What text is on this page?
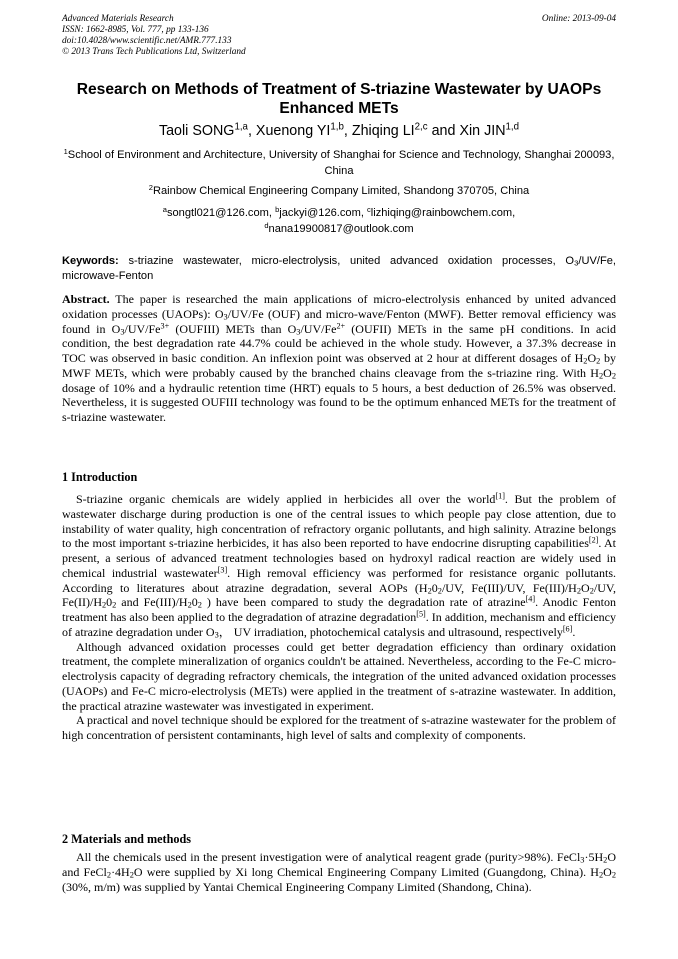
Advanced Materials Research
ISSN: 1662-8985, Vol. 777, pp 133-136
doi:10.4028/www.scientific.net/AMR.777.133
© 2013 Trans Tech Publications Ltd, Switzerland
Online: 2013-09-04
Research on Methods of Treatment of S-triazine Wastewater by UAOPs Enhanced METs
Taoli SONG$^{1,a}$, Xuenong YI$^{1,b}$, Zhiqing LI$^{2,c}$ and Xin JIN$^{1,d}$
$^1$School of Environment and Architecture, University of Shanghai for Science and Technology, Shanghai 200093, China
$^2$Rainbow Chemical Engineering Company Limited, Shandong 370705, China
$^a$songtl021@126.com, $^b$jackyi@126.com, $^c$lizhiqing@rainbowchem.com,
$^d$nana19900817@outlook.com
Keywords: s-triazine wastewater, micro-electrolysis, united advanced oxidation processes, $O_3/UV/Fe$, microwave-Fenton
Abstract. The paper is researched the main applications of micro-electrolysis enhanced by united advanced oxidation processes (UAOPs): $O_3/UV/Fe$ (OUF) and micro-wave/Fenton (MWF). Better removal efficiency was found in $O_3/UV/Fe^{3+}$ (OUFIII) METs than $O_3/UV/Fe^{2+}$ (OUFII) METs in the same pH conditions. In acid condition, the best degradation rate 44.7% could be achieved in the whole study. However, a 37.3% decrease in TOC was observed in basic condition. An inflexion point was observed at 2 hour at different dosages of $H_2O_2$ by MWF METs, which were probably caused by the branched chains cleavage from the s-triazine ring. With $H_2O_2$ dosage of 10% and a hydraulic retention time (HRT) equals to 5 hours, a best deduction of 26.5% was observed. Nevertheless, it is suggested OUFIII technology was found to be the optimum enhanced METs for the treatment of s-triazine wastewater.
1 Introduction

S-triazine organic chemicals are widely applied in herbicides all over the world[1]. But the problem of wastewater discharge during production is one of the central issues to which people pay close attention, due to instability of water quality, high concentration of refractory organic pollutants, and high salinity. Atrazine belongs to the most important s-triazine herbicides, it has also been reported to have endocrine disrupting capabilities[2]. At present, a serious of advanced treatment technologies based on hydroxyl radical reaction are widely used in chemical industrial wastewater[3]. High removal efficiency was performed for resistance organic pollutants. According to literatures about atrazine degradation, several AOPs ($H_20_2/UV$, Fe(III)/UV, $Fe(III)/H_2O_2/UV$, $Fe(II)/H_20_2$ and $Fe(III)/H_20_2$ ) have been compared to study the degradation rate of atrazine[4]. Anodic Fenton treatment has also been applied to the degradation of atrazine degradation[5]. In addition, mechanism and efficiency of atrazine degradation under $O_3$， UV irradiation, photochemical catalysis and ultrasound, respectively[6].

Although advanced oxidation processes could get better degradation efficiency than ordinary oxidation treatment, the complete mineralization of organics couldn't be attained. Nevertheless, according to the Fe-C micro-electrolysis capacity of degrading refractory chemicals, the integration of the united advanced oxidation processes (UAOPs) and Fe-C micro-electrolysis (METs) were applied in the treatment of s-atrazine wastewater. In addition, the practical atrazine wastewater was investigated in experiment.

A practical and novel technique should be explored for the treatment of s-atrazine wastewater for the problem of high concentration of persistent contaminants, high level of salts and complexity of components.

2 Materials and methods

All the chemicals used in the present investigation were of analytical reagent grade (purity>98%). $FeCl_3\cdot 5H_2O$ and $FeCl_2\cdot 4H_2O$ were supplied by Xi long Chemical Engineering Company Limited (Guangdong, China). $H_2O_2$ (30%, m/m) was supplied by Yantai Chemical Engineering Company Limited (Shandong, China).
